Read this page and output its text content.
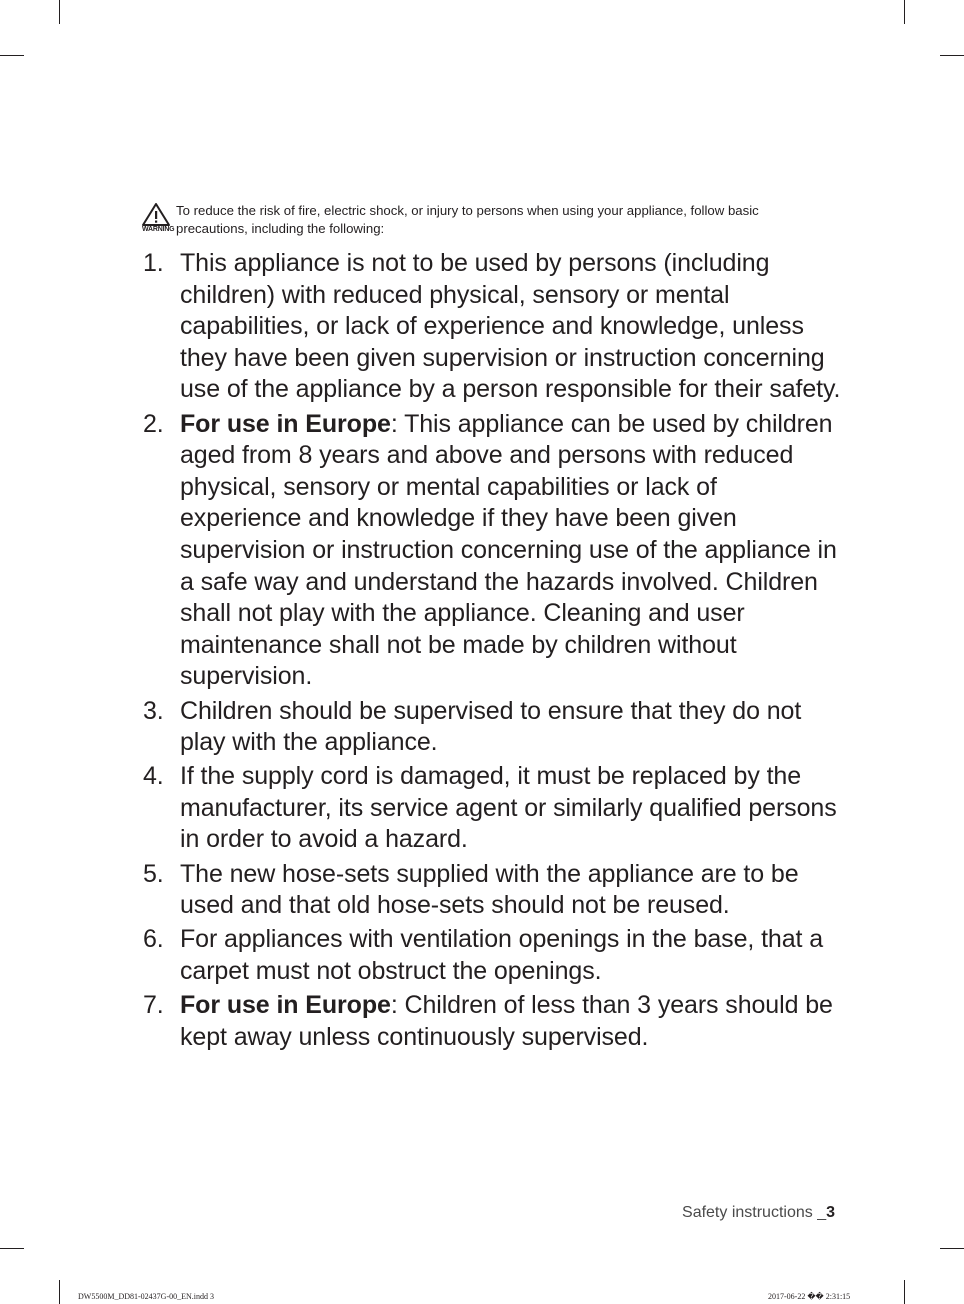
WARNING
To reduce the risk of fire, electric shock, or injury to persons when using your appliance, follow basic precautions, including the following:
1. This appliance is not to be used by persons (including children) with reduced physical, sensory or mental capabilities, or lack of experience and knowledge, unless they have been given supervision or instruction concerning use of the appliance by a person responsible for their safety.
2. For use in Europe: This appliance can be used by children aged from 8 years and above and persons with reduced physical, sensory or mental capabilities or lack of experience and knowledge if they have been given supervision or instruction concerning use of the appliance in a safe way and understand the hazards involved. Children shall not play with the appliance. Cleaning and user maintenance shall not be made by children without supervision.
3. Children should be supervised to ensure that they do not play with the appliance.
4. If the supply cord is damaged, it must be replaced by the manufacturer, its service agent or similarly qualified persons in order to avoid a hazard.
5. The new hose-sets supplied with the appliance are to be used and that old hose-sets should not be reused.
6. For appliances with ventilation openings in the base, that a carpet must not obstruct the openings.
7. For use in Europe: Children of less than 3 years should be kept away unless continuously supervised.
Safety instructions _3
DW5500M_DD81-02437G-00_EN.indd 3	2017-06-22 �� 2:31:15
